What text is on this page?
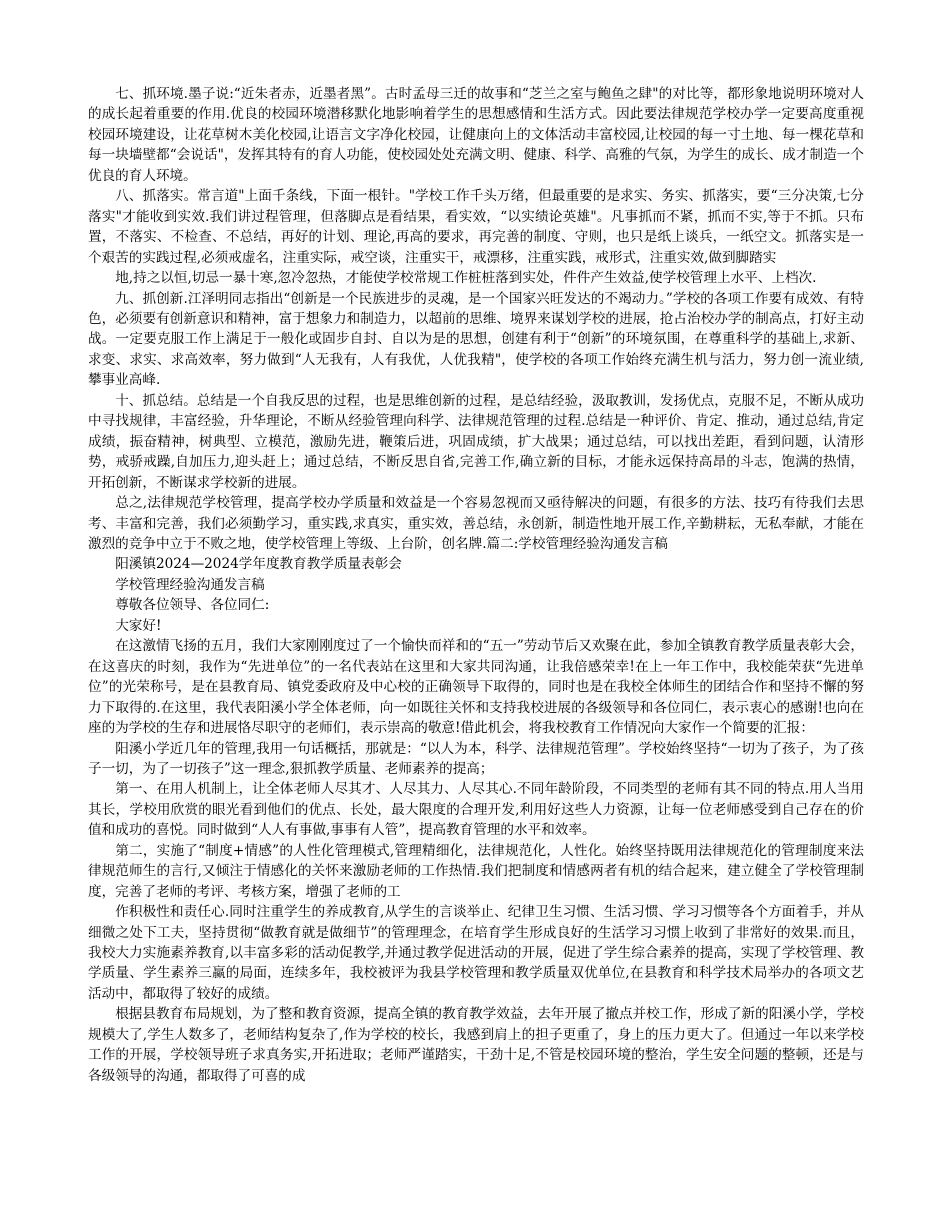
七、抓环境.墨子说:“近朱者赤，近墨者黑”。古时孟母三迁的故事和“芝兰之室与鲍鱼之肆"的对比等，都形象地说明环境对人的成长起着重要的作用.优良的校园环境潜移默化地影响着学生的思想感情和生活方式。因此要法律规范学校办学一定要高度重视校园环境建设，让花草树木美化校园,让语言文字净化校园，让健康向上的文体活动丰富校园,让校园的每一寸土地、每一棵花草和每一块墙壁都“会说话"，发挥其特有的育人功能，使校园处处充满文明、健康、科学、高雅的气氛，为学生的成长、成才制造一个优良的育人环境。

八、抓落实。常言道"上面千条线，下面一根针。"学校工作千头万绪，但最重要的是求实、务实、抓落实，要“三分决策,七分落实"才能收到实效.我们讲过程管理，但落脚点是看结果，看实效，“以实绩论英雄"。凡事抓而不紧，抓而不实,等于不抓。只布置，不落实、不检查、不总结，再好的计划、理论,再高的要求，再完善的制度、守则，也只是纸上谈兵，一纸空文。抓落实是一个艰苦的实践过程,必须戒虚名，注重实际，戒空谈，注重实干，戒漂移，注重实践，戒形式，注重实效,做到脚踏实

地,持之以恒,切忌一暴十寒,忽冷忽热，才能使学校常规工作桩桩落到实处，件件产生效益,使学校管理上水平、上档次.

九、抓创新.江泽明同志指出“创新是一个民族进步的灵魂，是一个国家兴旺发达的不竭动力。”学校的各项工作要有成效、有特色，必须要有创新意识和精神，富于想象力和制造力，以超前的思维、境界来谋划学校的进展，抢占治校办学的制高点，打好主动战。一定要克服工作上满足于一般化或固步自封、自以为是的思想，创建有利于“创新”的环境氛围，在尊重科学的基础上,求新、求变、求实、求高效率，努力做到“人无我有，人有我优，人优我精"，使学校的各项工作始终充满生机与活力，努力创一流业绩,攀事业高峰.

十、抓总结。总结是一个自我反思的过程，也是思维创新的过程，是总结经验，汲取教训，发扬优点，克服不足，不断从成功中寻找规律，丰富经验，升华理论，不断从经验管理向科学、法律规范管理的过程.总结是一种评价、肯定、推动，通过总结,肯定成绩，振奋精神，树典型、立模范，激励先进，鞭策后进，巩固成绩，扩大战果；通过总结，可以找出差距，看到问题，认清形势，戒骄戒躁,自加压力,迎头赶上；通过总结，不断反思自省,完善工作,确立新的目标，才能永远保持高昂的斗志，饱满的热情，开拓创新，不断谋求学校新的进展。

总之,法律规范学校管理，提高学校办学质量和效益是一个容易忽视而又亟待解决的问题，有很多的方法、技巧有待我们去思考、丰富和完善，我们必须勤学习，重实践,求真实，重实效，善总结，永创新，制造性地开展工作,辛勤耕耘，无私奉献，才能在激烈的竞争中立于不败之地，使学校管理上等级、上台阶，创名牌.篇二:学校管理经验沟通发言稿

阳溪镇2024—2024学年度教育教学质量表彰会

学校管理经验沟通发言稿

尊敬各位领导、各位同仁:

大家好!

在这激情飞扬的五月，我们大家刚刚度过了一个愉快而祥和的“五一”劳动节后又欢聚在此，参加全镇教育教学质量表彰大会，在这喜庆的时刻，我作为“先进单位”的一名代表站在这里和大家共同沟通，让我倍感荣幸!在上一年工作中，我校能荣获“先进单位”的光荣称号，是在县教育局、镇党委政府及中心校的正确领导下取得的，同时也是在我校全体师生的团结合作和坚持不懈的努力下取得的.在这里，我代表阳溪小学全体老师，向一如既往关怀和支持我校进展的各级领导和各位同仁，表示衷心的感谢!也向在座的为学校的生存和进展恪尽职守的老师们，表示崇高的敬意!借此机会，将我校教育工作情况向大家作一个简要的汇报：

阳溪小学近几年的管理,我用一句话概括，那就是：“以人为本，科学、法律规范管理”。学校始终坚持“一切为了孩子，为了孩子一切，为了一切孩子”这一理念,狠抓教学质量、老师素养的提高；

第一、在用人机制上，让全体老师人尽其才、人尽其力、人尽其心.不同年龄阶段，不同类型的老师有其不同的特点.用人当用其长，学校用欣赏的眼光看到他们的优点、长处，最大限度的合理开发,利用好这些人力资源，让每一位老师感受到自己存在的价值和成功的喜悦。同时做到“人人有事做,事事有人管”，提高教育管理的水平和效率。

第二，实施了“制度+情感”的人性化管理模式,管理精细化，法律规范化，人性化。始终坚持既用法律规范化的管理制度来法律规范师生的言行,又倾注于情感化的关怀来激励老师的工作热情.我们把制度和情感两者有机的结合起来，建立健全了学校管理制度，完善了老师的考评、考核方案，增强了老师的工

作积极性和责任心.同时注重学生的养成教育,从学生的言谈举止、纪律卫生习惯、生活习惯、学习习惯等各个方面着手，并从细微之处下工夫，坚持贯彻“做教育就是做细节”的管理理念，在培育学生形成良好的生活学习习惯上收到了非常好的效果.而且，我校大力实施素养教育,以丰富多彩的活动促教学,并通过教学促进活动的开展，促进了学生综合素养的提高，实现了学校管理、教学质量、学生素养三赢的局面，连续多年，我校被评为我县学校管理和教学质量双优单位,在县教育和科学技术局举办的各项文艺活动中，都取得了较好的成绩。

根据县教育布局规划，为了整和教育资源，提高全镇的教育教学效益，去年开展了撤点并校工作，形成了新的阳溪小学，学校规模大了,学生人数多了，老师结构复杂了,作为学校的校长，我感到肩上的担子更重了，身上的压力更大了。但通过一年以来学校工作的开展，学校领导班子求真务实,开拓进取；老师严谨踏实，干劲十足,不管是校园环境的整治，学生安全问题的整顿，还是与各级领导的沟通，都取得了可喜的成
